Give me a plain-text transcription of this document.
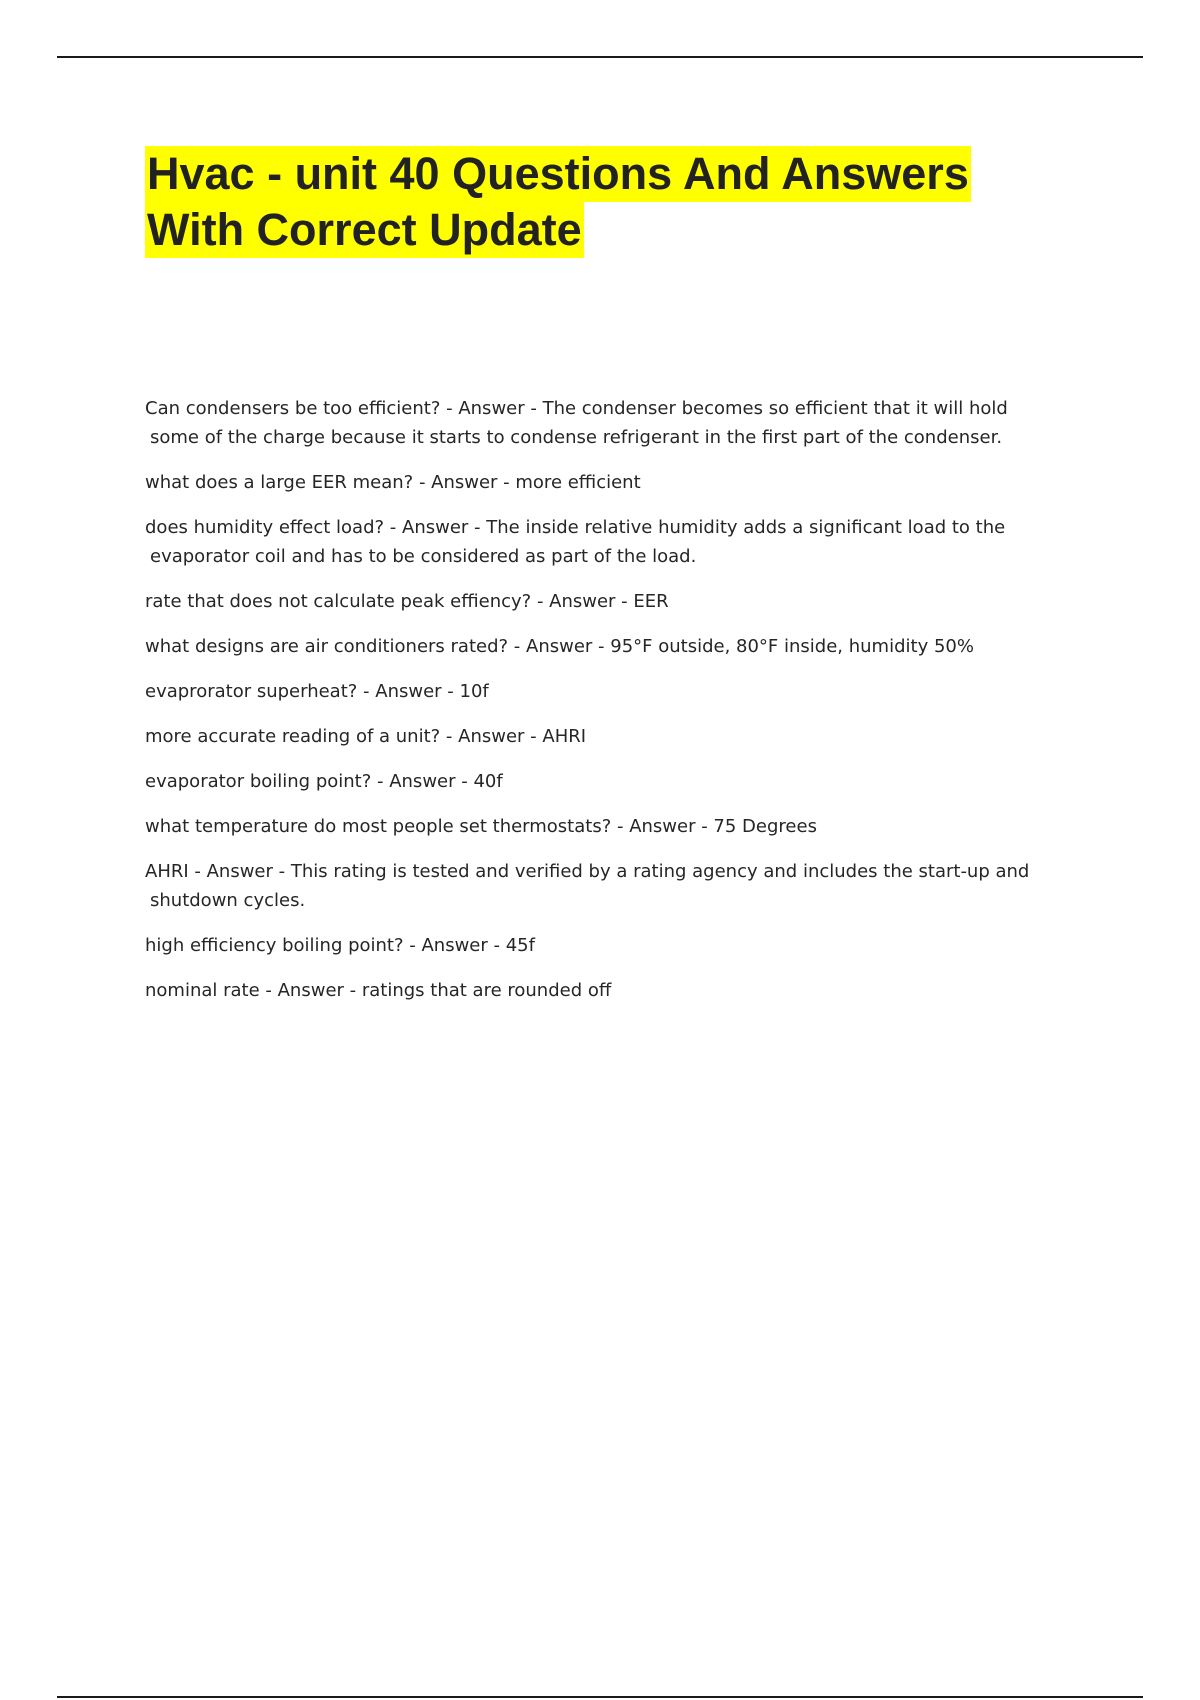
Hvac - unit 40 Questions And Answers
With Correct Update

Can condensers be too efficient? - Answer - The condenser becomes so efficient that it will hold some of the charge because it starts to condense refrigerant in the first part of the condenser.

what does a large EER mean? - Answer - more efficient

does humidity effect load? - Answer - The inside relative humidity adds a significant load to the evaporator coil and has to be considered as part of the load.

rate that does not calculate peak effiency? - Answer - EER

what designs are air conditioners rated? - Answer - 95°F outside, 80°F inside, humidity 50%

evaprorator superheat? - Answer - 10f

more accurate reading of a unit? - Answer - AHRI

evaporator boiling point? - Answer - 40f

what temperature do most people set thermostats? - Answer - 75 Degrees

AHRI - Answer - This rating is tested and verified by a rating agency and includes the start-up and shutdown cycles.

high efficiency boiling point? - Answer - 45f

nominal rate - Answer - ratings that are rounded off
